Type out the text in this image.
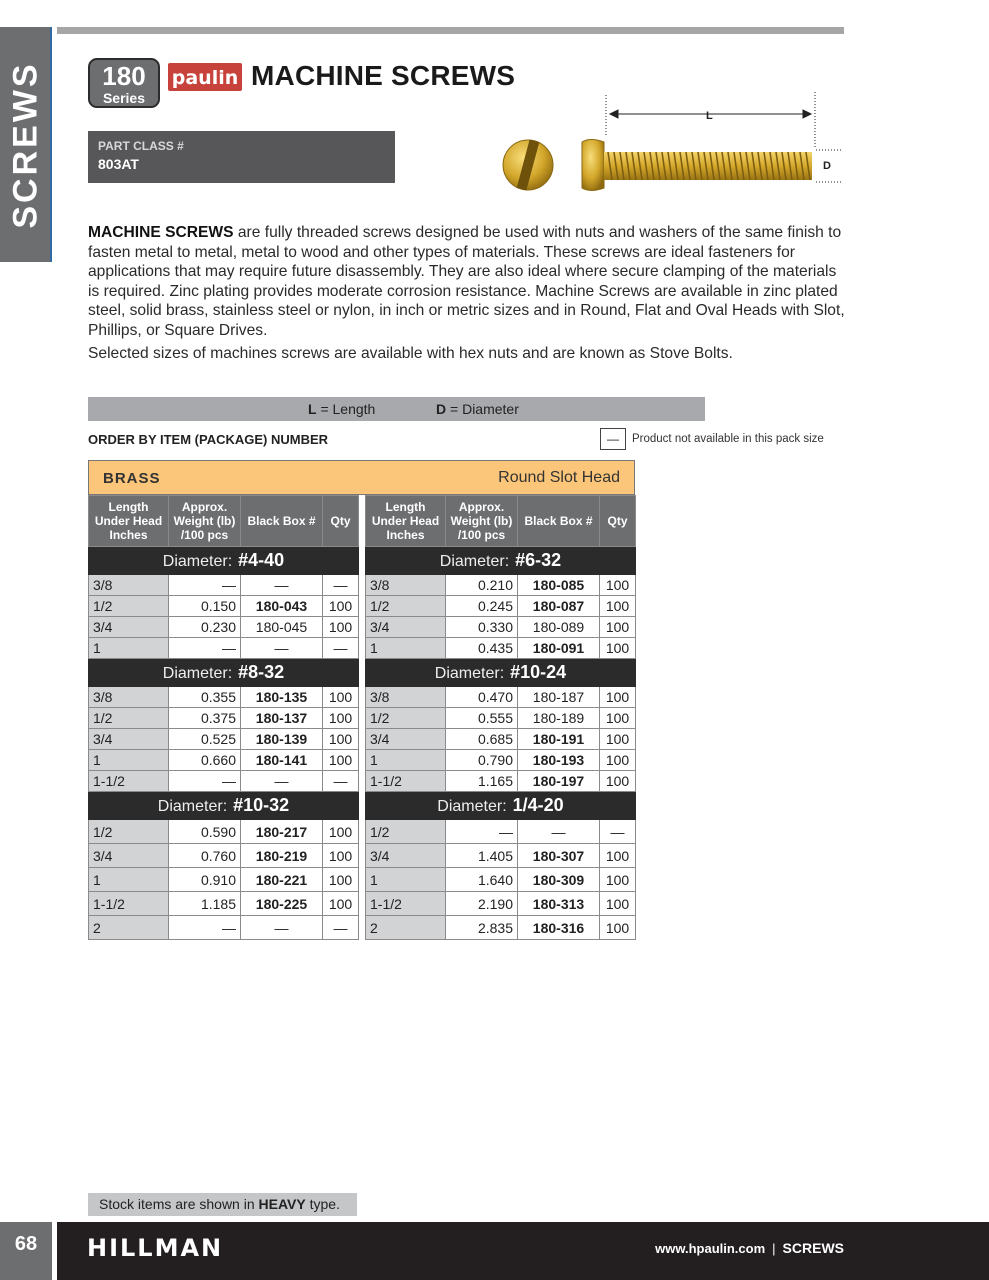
SCREWS	180
Series
paulin MACHINE SCREWS
PART CLASS #
803AT
L
D

MACHINE SCREWS are fully threaded screws designed be used with nuts and washers of the same finish to fasten metal to metal, metal to wood and other types of materials. These screws are ideal fasteners for applications that may require future disassembly. They are also ideal where secure clamping of the materials is required. Zinc plating provides moderate corrosion resistance. Machine Screws are available in zinc plated steel, solid brass, stainless steel or nylon, in inch or metric sizes and in Round, Flat and Oval Heads with Slot, Phillips, or Square Drives.

Selected sizes of machines screws are available with hex nuts and are known as Stove Bolts.

L = Length	D = Diameter
ORDER BY ITEM (PACKAGE) NUMBER	—	Product not available in this pack size
BRASS	Round Slot Head
Length Under Head Inches	Approx. Weight (lb) /100 pcs	Black Box #	Qty
Diameter: #4-40			
3/8	—	—	—
1/2	0.150	180-043	100
3/4	0.230	180-045	100
1	—	—	—
Diameter: #8-32			
3/8	0.355	180-135	100
1/2	0.375	180-137	100
3/4	0.525	180-139	100
1	0.660	180-141	100
1-1/2	—	—	—
Diameter: #10-32			
1/2	0.590	180-217	100
3/4	0.760	180-219	100
1	0.910	180-221	100
1-1/2	1.185	180-225	100
2	—	—	—
Length Under Head Inches	Approx. Weight (lb) /100 pcs	Black Box #	Qty
Diameter: #6-32			
3/8	0.210	180-085	100
1/2	0.245	180-087	100
3/4	0.330	180-089	100
1	0.435	180-091	100
Diameter: #10-24			
3/8	0.470	180-187	100
1/2	0.555	180-189	100
3/4	0.685	180-191	100
1	0.790	180-193	100
1-1/2	1.165	180-197	100
Diameter: 1/4-20			
1/2	—	—	—
3/4	1.405	180-307	100
1	1.640	180-309	100
1-1/2	2.190	180-313	100
2	2.835	180-316	100
Stock items are shown in HEAVY type.
68	HILLMAN	www.hpaulin.com | SCREWS
